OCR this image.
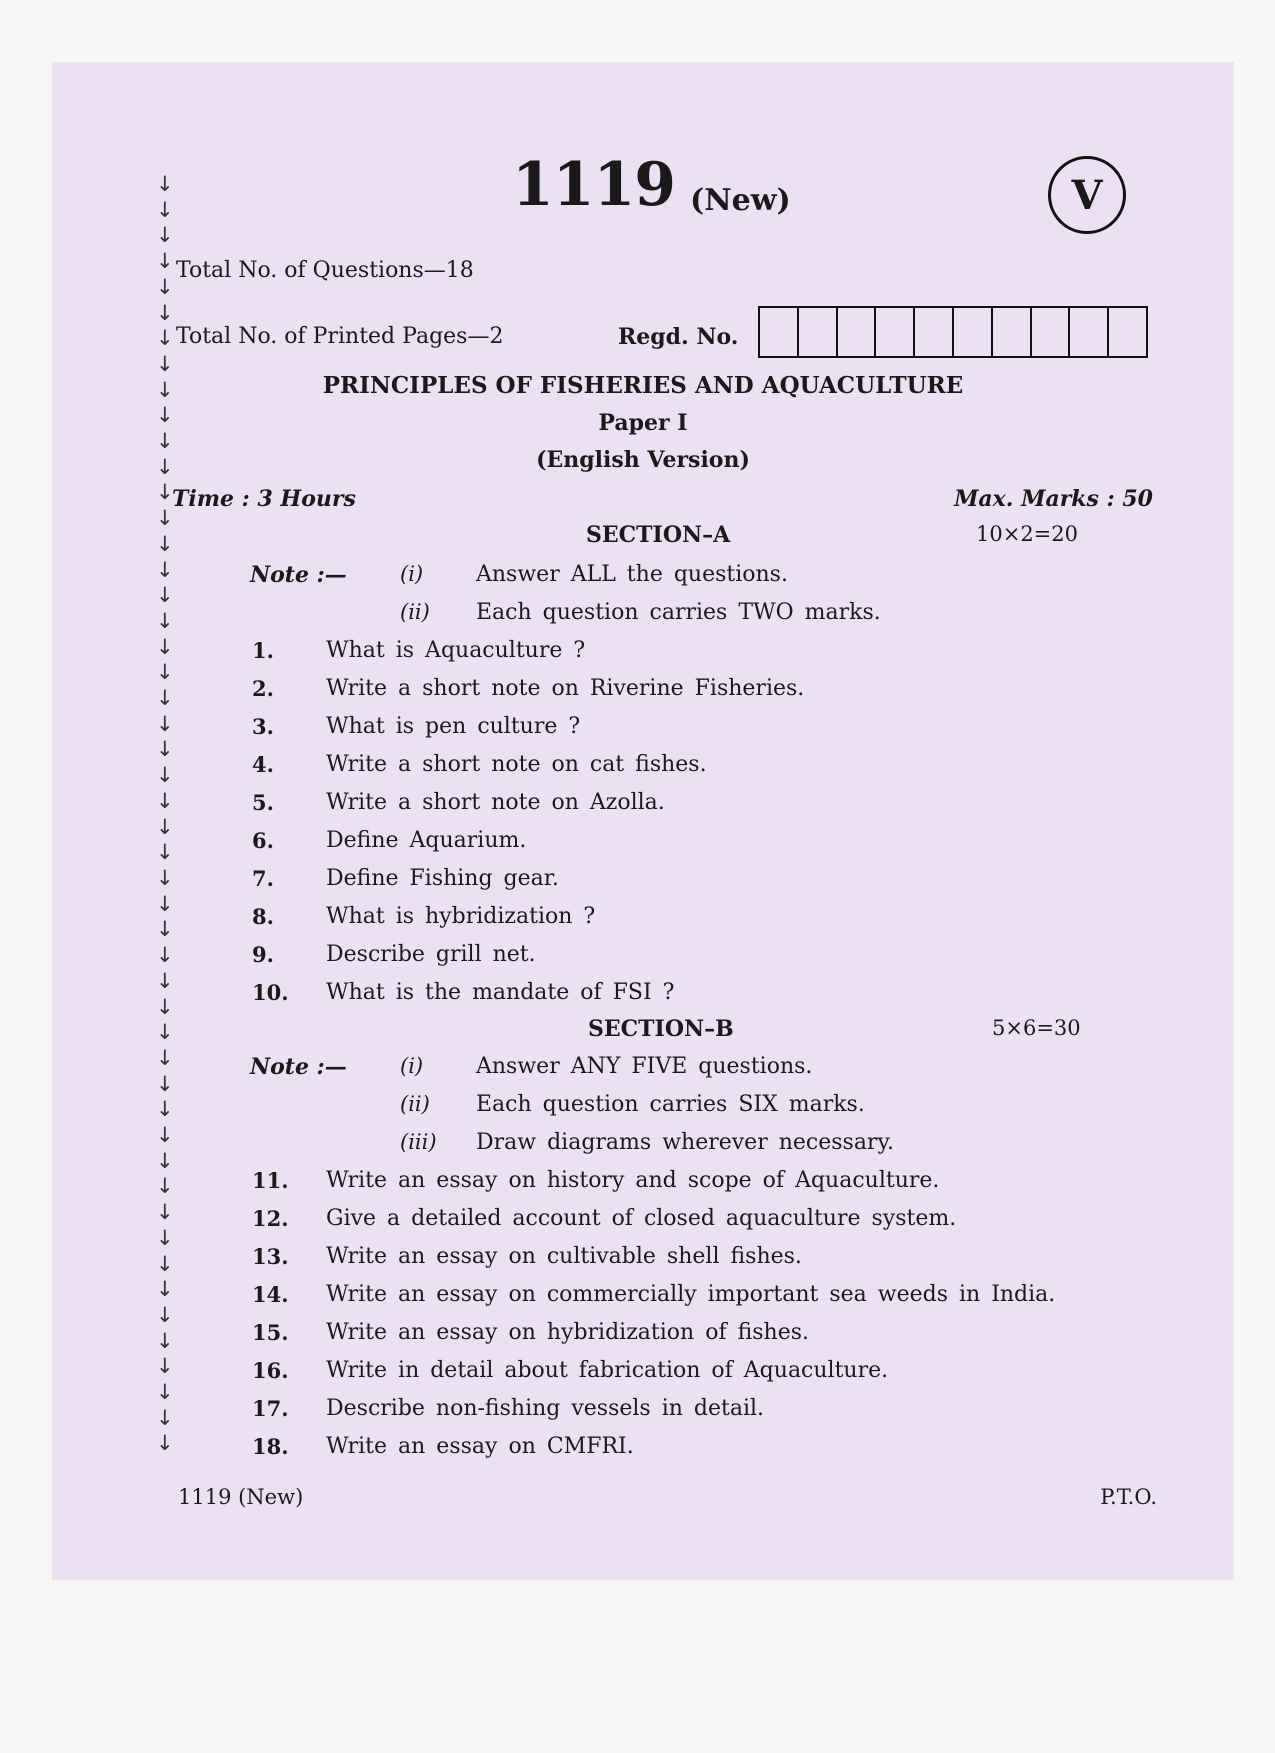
↓
↓
↓
↓
↓
↓
↓
↓
↓
↓
↓
↓
↓
↓
↓
↓
↓
↓
↓
↓
↓
↓
↓
↓
↓
↓
↓
↓
↓
↓
↓
↓
↓
↓
↓
↓
↓
↓
↓
↓
↓
↓
↓
↓
↓
↓
↓
↓
↓
↓
1119 (New)	V
Total No. of Questions—18
Total No. of Printed Pages—2	Regd. No.
PRINCIPLES OF FISHERIES AND AQUACULTURE
Paper I
(English Version)
Time : 3 Hours	Max. Marks : 50
SECTION–A	10×2=20
Note :—	(i) Answer ALL the questions.
(ii) Each question carries TWO marks.
1. What is Aquaculture ?
2. Write a short note on Riverine Fisheries.
3. What is pen culture ?
4. Write a short note on cat fishes.
5. Write a short note on Azolla.
6. Define Aquarium.
7. Define Fishing gear.
8. What is hybridization ?
9. Describe grill net.
10. What is the mandate of FSI ?
SECTION–B	5×6=30
Note :—	(i) Answer ANY FIVE questions.
(ii) Each question carries SIX marks.
(iii) Draw diagrams wherever necessary.
11. Write an essay on history and scope of Aquaculture.
12. Give a detailed account of closed aquaculture system.
13. Write an essay on cultivable shell fishes.
14. Write an essay on commercially important sea weeds in India.
15. Write an essay on hybridization of fishes.
16. Write in detail about fabrication of Aquaculture.
17. Describe non-fishing vessels in detail.
18. Write an essay on CMFRI.
1119 (New)	P.T.O.
